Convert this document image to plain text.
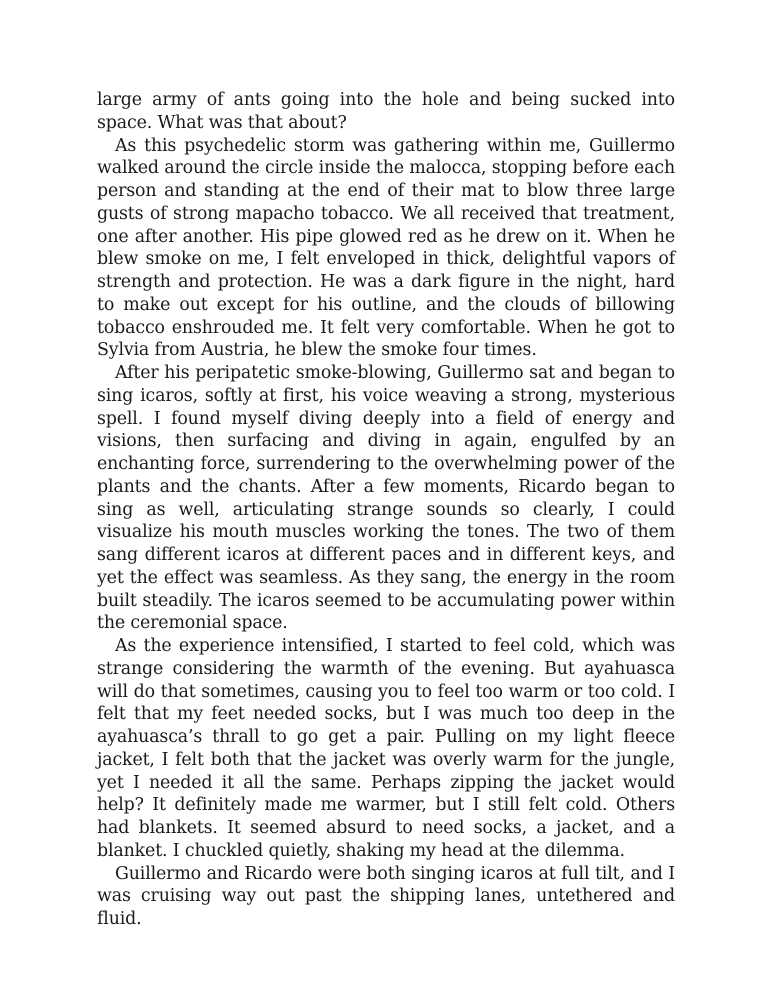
large army of ants going into the hole and being sucked into space. What was that about?

As this psychedelic storm was gathering within me, Guillermo walked around the circle inside the malocca, stopping before each person and standing at the end of their mat to blow three large gusts of strong mapacho tobacco. We all received that treatment, one after another. His pipe glowed red as he drew on it. When he blew smoke on me, I felt enveloped in thick, delightful vapors of strength and protection. He was a dark figure in the night, hard to make out except for his outline, and the clouds of billowing tobacco enshrouded me. It felt very comfortable. When he got to Sylvia from Austria, he blew the smoke four times.

After his peripatetic smoke-blowing, Guillermo sat and began to sing icaros, softly at first, his voice weaving a strong, mysterious spell. I found myself diving deeply into a field of energy and visions, then surfacing and diving in again, engulfed by an enchanting force, surrendering to the overwhelming power of the plants and the chants. After a few moments, Ricardo began to sing as well, articulating strange sounds so clearly, I could visualize his mouth muscles working the tones. The two of them sang different icaros at different paces and in different keys, and yet the effect was seamless. As they sang, the energy in the room built steadily. The icaros seemed to be accumulating power within the ceremonial space.

As the experience intensified, I started to feel cold, which was strange considering the warmth of the evening. But ayahuasca will do that sometimes, causing you to feel too warm or too cold. I felt that my feet needed socks, but I was much too deep in the ayahuasca’s thrall to go get a pair. Pulling on my light fleece jacket, I felt both that the jacket was overly warm for the jungle, yet I needed it all the same. Perhaps zipping the jacket would help? It definitely made me warmer, but I still felt cold. Others had blankets. It seemed absurd to need socks, a jacket, and a blanket. I chuckled quietly, shaking my head at the dilemma.

Guillermo and Ricardo were both singing icaros at full tilt, and I was cruising way out past the shipping lanes, untethered and fluid.
